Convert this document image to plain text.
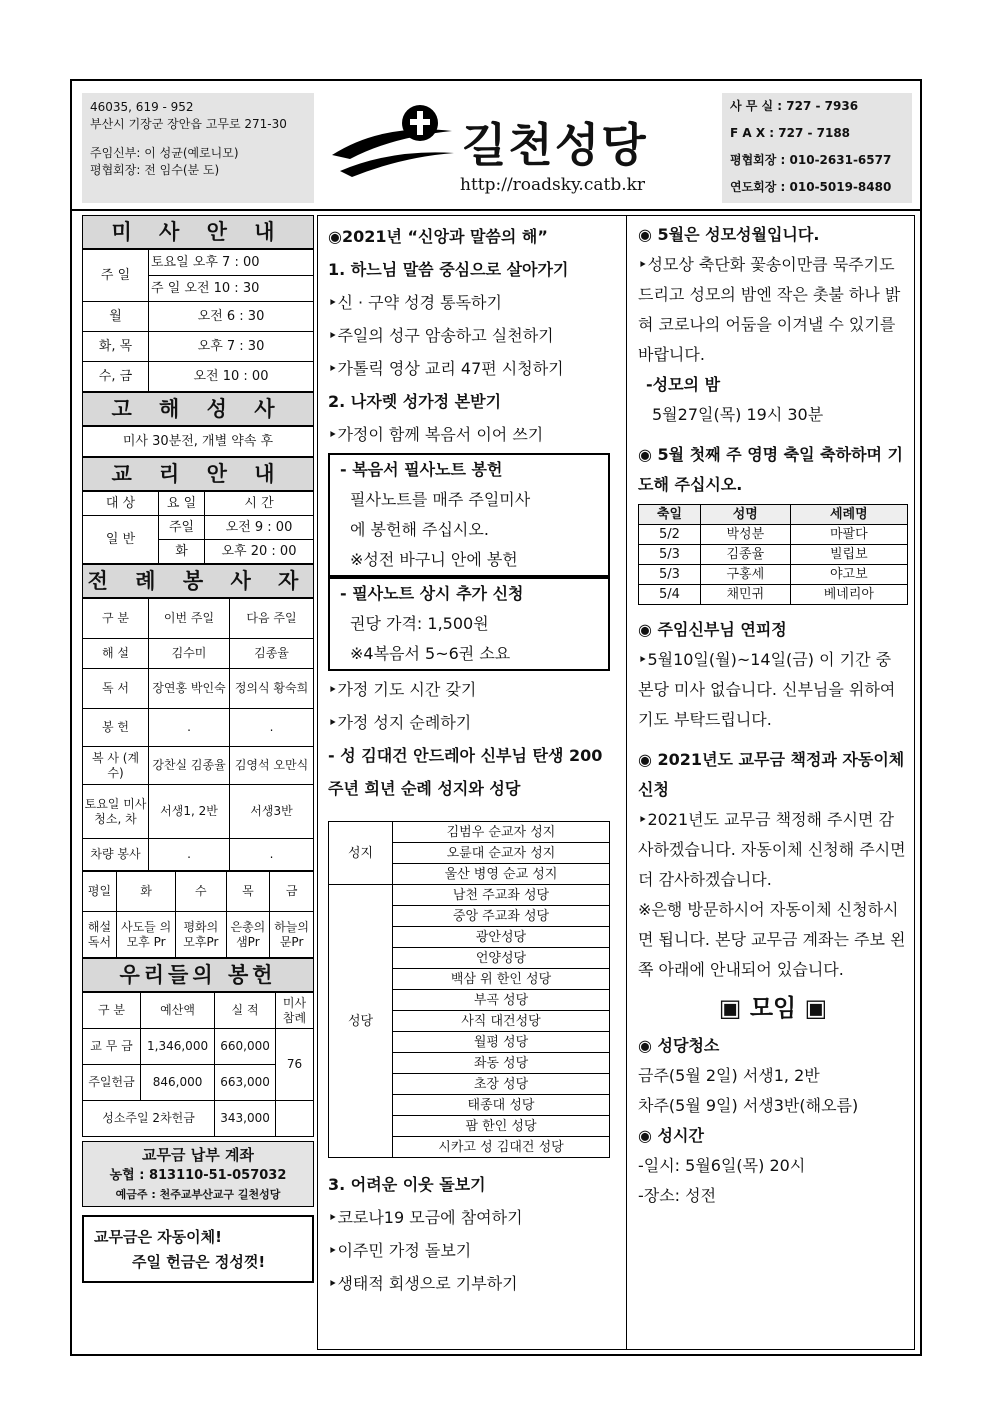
46035, 619 - 952
부산시 기장군 장안읍 고무로 271-30
주임신부: 이 성균(예로니모)
평협회장: 전 임수(분 도)	길천성당
http://roadsky.catb.kr
사 무 실 : 727 - 7936
F A X : 727 - 7188
평협회장 : 010-2631-6577
연도회장 : 010-5019-8480
미 사 안 내
주 일	토요일 오후 7 : 00
	주 일 오전 10 : 30
월	오전 6 : 30
화, 목	오후 7 : 30
수, 금	오전 10 : 00
고 해 성 사
미사 30분전, 개별 약속 후
교 리 안 내
대 상	요 일	시 간
일 반	주일	오전 9 : 00
	화	오후 20 : 00
전 례 봉 사 자
구 분	이번 주일	다음 주일
해 설	김수미	김종율
독 서	장연홍 박인숙	정의식 황숙희
봉 헌	.	.
복 사 (계 수)	강찬실 김종율	김영석 오만식
토요일 미사 청소, 차	서생1, 2반	서생3반
차량 봉사	.	.
평일	화	수	목	금
해설 독서	사도들 의모후 Pr	평화의 모후Pr	은총의 샘Pr	하늘의 문Pr
우리들의 봉헌
구 분	예산액	실 적	미사 참례
교 무 금	1,346,000	660,000	76
주일헌금	846,000	663,000	
성소주일 2차헌금		343,000	
교무금 납부 계좌
농협 : 813110-51-057032
예금주 : 천주교부산교구 길천성당
교무금은 자동이체!
주일 헌금은 정성껏!
◉2021년 “신앙과 말씀의 해”
1. 하느님 말씀 중심으로 살아가기
‣신 · 구약 성경 통독하기
‣주일의 성구 암송하고 실천하기
‣가톨릭 영상 교리 47편 시청하기
2. 나자렛 성가정 본받기
‣가정이 함께 복음서 이어 쓰기
- 복음서 필사노트 봉헌
필사노트를 매주 주일미사
에 봉헌해 주십시오.
※성전 바구니 안에 봉헌
- 필사노트 상시 추가 신청
권당 가격: 1,500원
※4복음서 5~6권 소요
‣가정 기도 시간 갖기
‣가정 성지 순례하기
- 성 김대건 안드레아 신부님 탄생 200주년 희년 순례 성지와 성당
성지	김범우 순교자 성지
	오륜대 순교자 성지
	울산 병영 순교 성지
성당	남천 주교좌 성당
	중앙 주교좌 성당
	광안성당
	언양성당
	백삼 위 한인 성당
	부곡 성당
	사직 대건성당
	월평 성당
	좌동 성당
	초장 성당
	태종대 성당
	팜 한인 성당
	시카고 성 김대건 성당
3. 어려운 이웃 돌보기
‣코로나19 모금에 참여하기
‣이주민 가정 돌보기
‣생태적 회생으로 기부하기
◉ 5월은 성모성월입니다.
‣성모상 축단화 꽃송이만큼 묵주기도 드리고 성모의 밤엔 작은 촛불 하나 밝혀 코로나의 어둠을 이겨낼 수 있기를 바랍니다.
-성모의 밤
5월27일(목) 19시 30분
◉ 5월 첫째 주 영명 축일 축하하며 기도해 주십시오.
축일	성명	세례명
5/2	박성분	마팔다
5/3	김종율	빌립보
5/3	구홍세	야고보
5/4	채민귀	베네리아
◉ 주임신부님 연피정
‣5월10일(월)~14일(금) 이 기간 중 본당 미사 없습니다. 신부님을 위하여 기도 부탁드립니다.
◉ 2021년도 교무금 책정과 자동이체 신청
‣2021년도 교무금 책정해 주시면 감사하겠습니다. 자동이체 신청해 주시면 더 감사하겠습니다.
※은행 방문하시어 자동이체 신청하시면 됩니다. 본당 교무금 계좌는 주보 왼쪽 아래에 안내되어 있습니다.
▣ 모임 ▣
◉ 성당청소
금주(5월 2일) 서생1, 2반
차주(5월 9일) 서생3반(해오름)
◉ 성시간
-일시: 5월6일(목) 20시
-장소: 성전
